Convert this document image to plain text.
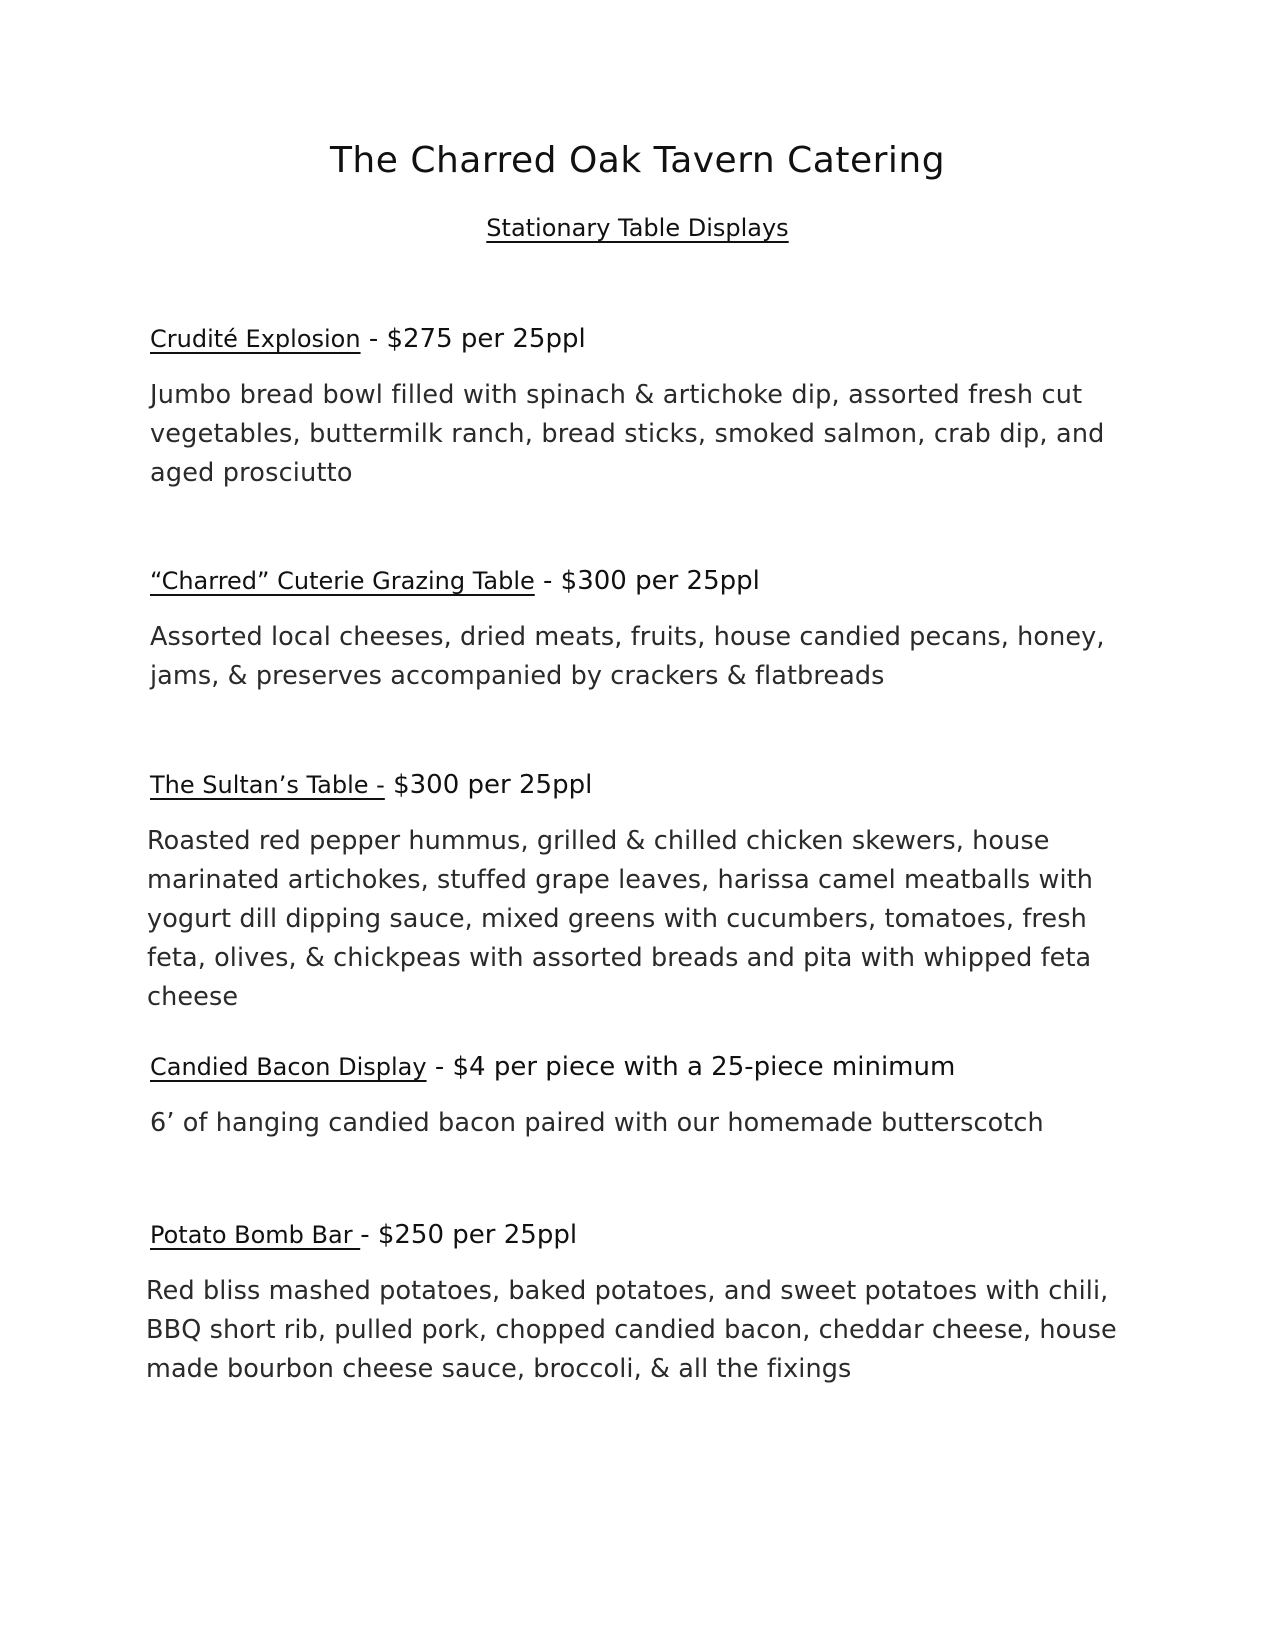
The Charred Oak Tavern Catering
Stationary Table Displays

Crudité Explosion - $275 per 25ppl

Jumbo bread bowl filled with spinach & artichoke dip, assorted fresh cut vegetables, buttermilk ranch, bread sticks, smoked salmon, crab dip, and aged prosciutto

“Charred” Cuterie Grazing Table - $300 per 25ppl

Assorted local cheeses, dried meats, fruits, house candied pecans, honey, jams, & preserves accompanied by crackers & flatbreads

The Sultan’s Table - $300 per 25ppl

Roasted red pepper hummus, grilled & chilled chicken skewers, house marinated artichokes, stuffed grape leaves, harissa camel meatballs with yogurt dill dipping sauce, mixed greens with cucumbers, tomatoes, fresh feta, olives, & chickpeas with assorted breads and pita with whipped feta cheese

Candied Bacon Display - $4 per piece with a 25-piece minimum

6’ of hanging candied bacon paired with our homemade butterscotch

Potato Bomb Bar - $250 per 25ppl

Red bliss mashed potatoes, baked potatoes, and sweet potatoes with chili, BBQ short rib, pulled pork, chopped candied bacon, cheddar cheese, house made bourbon cheese sauce, broccoli, & all the fixings
